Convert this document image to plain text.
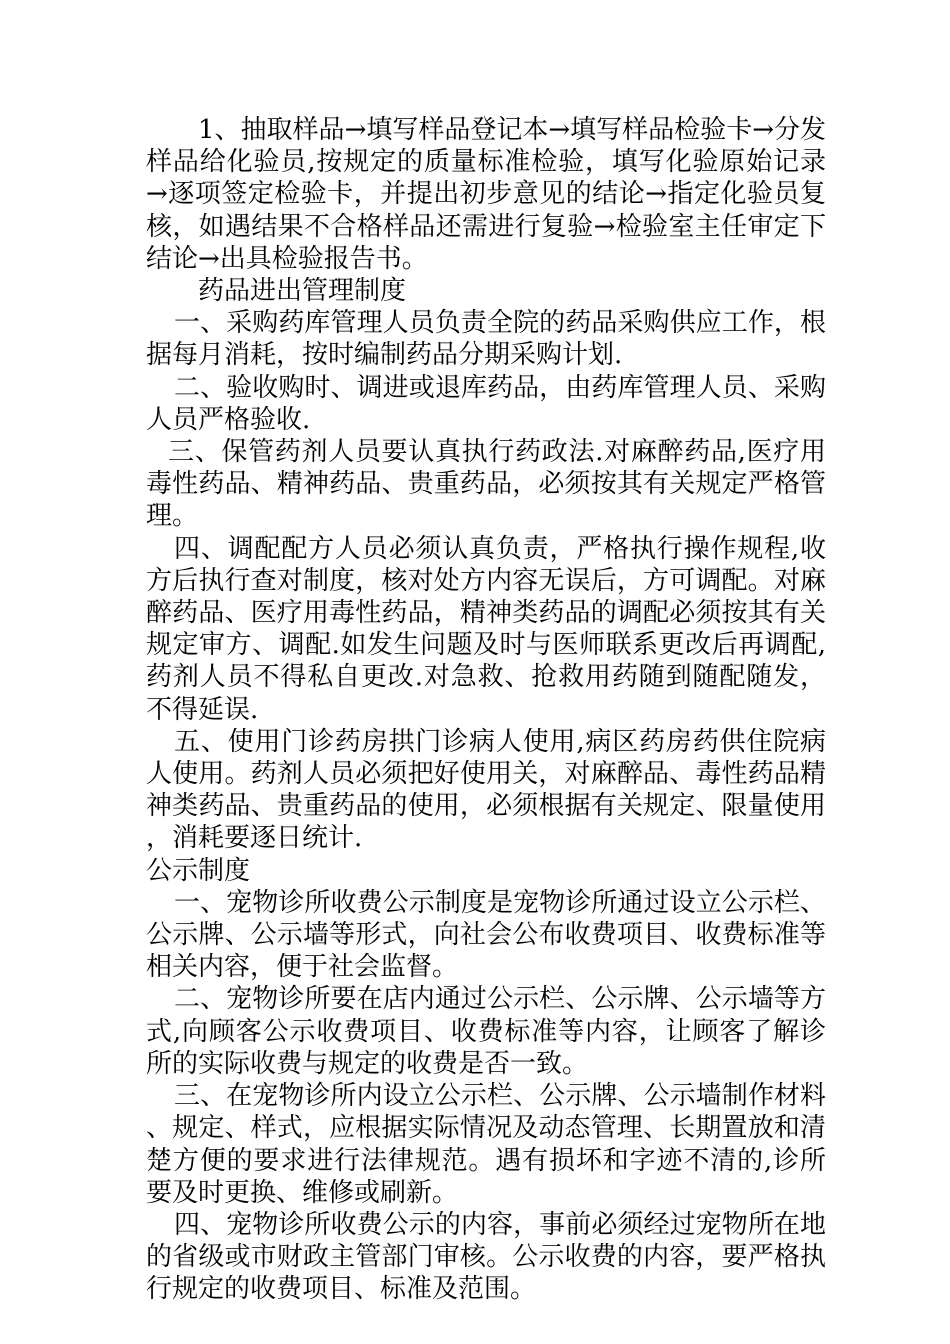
1、抽取样品→填写样品登记本→填写样品检验卡→分发样品给化验员,按规定的质量标准检验，填写化验原始记录→逐项签定检验卡，并提出初步意见的结论→指定化验员复核，如遇结果不合格样品还需进行复验→检验室主任审定下结论→出具检验报告书。

药品进出管理制度

一、采购药库管理人员负责全院的药品采购供应工作，根据每月消耗，按时编制药品分期采购计划.

二、验收购时、调进或退库药品，由药库管理人员、采购人员严格验收.

三、保管药剂人员要认真执行药政法.对麻醉药品,医疗用毒性药品、精神药品、贵重药品，必须按其有关规定严格管理。

四、调配配方人员必须认真负责，严格执行操作规程,收方后执行查对制度，核对处方内容无误后，方可调配。对麻醉药品、医疗用毒性药品，精神类药品的调配必须按其有关规定审方、调配.如发生问题及时与医师联系更改后再调配,药剂人员不得私自更改.对急救、抢救用药随到随配随发，不得延误.

五、使用门诊药房拱门诊病人使用,病区药房药供住院病人使用。药剂人员必须把好使用关，对麻醉品、毒性药品精神类药品、贵重药品的使用，必须根据有关规定、限量使用，消耗要逐日统计.

公示制度

一、宠物诊所收费公示制度是宠物诊所通过设立公示栏、公示牌、公示墙等形式，向社会公布收费项目、收费标准等相关内容，便于社会监督。

二、宠物诊所要在店内通过公示栏、公示牌、公示墙等方式,向顾客公示收费项目、收费标准等内容，让顾客了解诊所的实际收费与规定的收费是否一致。

三、在宠物诊所内设立公示栏、公示牌、公示墙制作材料、规定、样式，应根据实际情况及动态管理、长期置放和清楚方便的要求进行法律规范。遇有损坏和字迹不清的,诊所要及时更换、维修或刷新。

四、宠物诊所收费公示的内容，事前必须经过宠物所在地的省级或市财政主管部门审核。公示收费的内容，要严格执行规定的收费项目、标准及范围。
